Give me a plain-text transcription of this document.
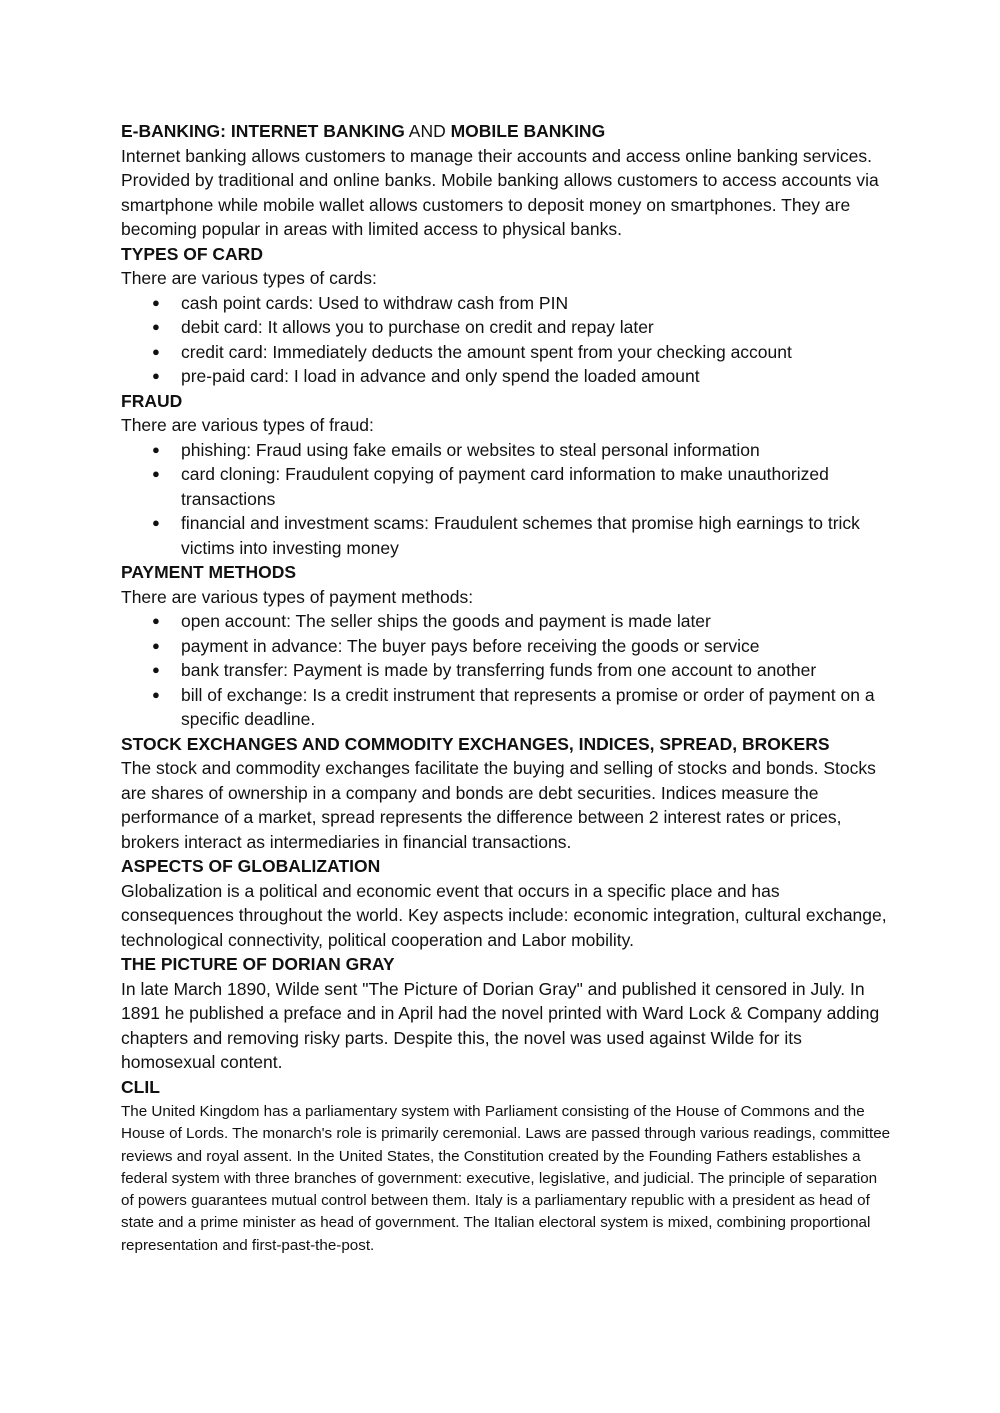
E-BANKING: INTERNET BANKING AND MOBILE BANKING

Internet banking allows customers to manage their accounts and access online banking services. Provided by traditional and online banks. Mobile banking allows customers to access accounts via smartphone while mobile wallet allows customers to deposit money on smartphones. They are becoming popular in areas with limited access to physical banks.

TYPES OF CARD

There are various types of cards:

● cash point cards: Used to withdraw cash from PIN
● debit card: It allows you to purchase on credit and repay later
● credit card: Immediately deducts the amount spent from your checking account
● pre-paid card: I load in advance and only spend the loaded amount

FRAUD

There are various types of fraud:

● phishing: Fraud using fake emails or websites to steal personal information
● card cloning: Fraudulent copying of payment card information to make unauthorized transactions
● financial and investment scams: Fraudulent schemes that promise high earnings to trick victims into investing money

PAYMENT METHODS

There are various types of payment methods:

● open account: The seller ships the goods and payment is made later
● payment in advance: The buyer pays before receiving the goods or service
● bank transfer: Payment is made by transferring funds from one account to another
● bill of exchange: Is a credit instrument that represents a promise or order of payment on a specific deadline.

STOCK EXCHANGES AND COMMODITY EXCHANGES, INDICES, SPREAD, BROKERS

The stock and commodity exchanges facilitate the buying and selling of stocks and bonds. Stocks are shares of ownership in a company and bonds are debt securities. Indices measure the performance of a market, spread represents the difference between 2 interest rates or prices, brokers interact as intermediaries in financial transactions.

ASPECTS OF GLOBALIZATION

Globalization is a political and economic event that occurs in a specific place and has consequences throughout the world. Key aspects include: economic integration, cultural exchange, technological connectivity, political cooperation and Labor mobility.

THE PICTURE OF DORIAN GRAY

In late March 1890, Wilde sent "The Picture of Dorian Gray" and published it censored in July. In 1891 he published a preface and in April had the novel printed with Ward Lock & Company adding chapters and removing risky parts. Despite this, the novel was used against Wilde for its homosexual content.

CLIL

The United Kingdom has a parliamentary system with Parliament consisting of the House of Commons and the House of Lords. The monarch's role is primarily ceremonial. Laws are passed through various readings, committee reviews and royal assent. In the United States, the Constitution created by the Founding Fathers establishes a federal system with three branches of government: executive, legislative, and judicial. The principle of separation of powers guarantees mutual control between them. Italy is a parliamentary republic with a president as head of state and a prime minister as head of government. The Italian electoral system is mixed, combining proportional representation and first-past-the-post.
